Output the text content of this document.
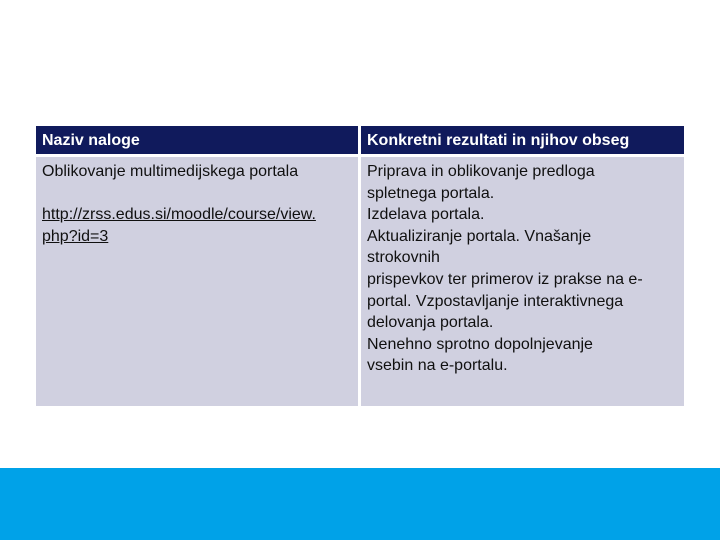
Naziv naloge	Konkretni rezultati in njihov obseg
Oblikovanje multimedijskega portala
http://zrss.edus.si/moodle/course/view.
php?id=3
Priprava in oblikovanje predloga
spletnega portala.
Izdelava portala.
Aktualiziranje portala. Vnašanje
strokovnih
prispevkov ter primerov iz prakse na e-
portal. Vzpostavljanje interaktivnega
delovanja portala.
Nenehno sprotno dopolnjevanje
vsebin na e-portalu.
